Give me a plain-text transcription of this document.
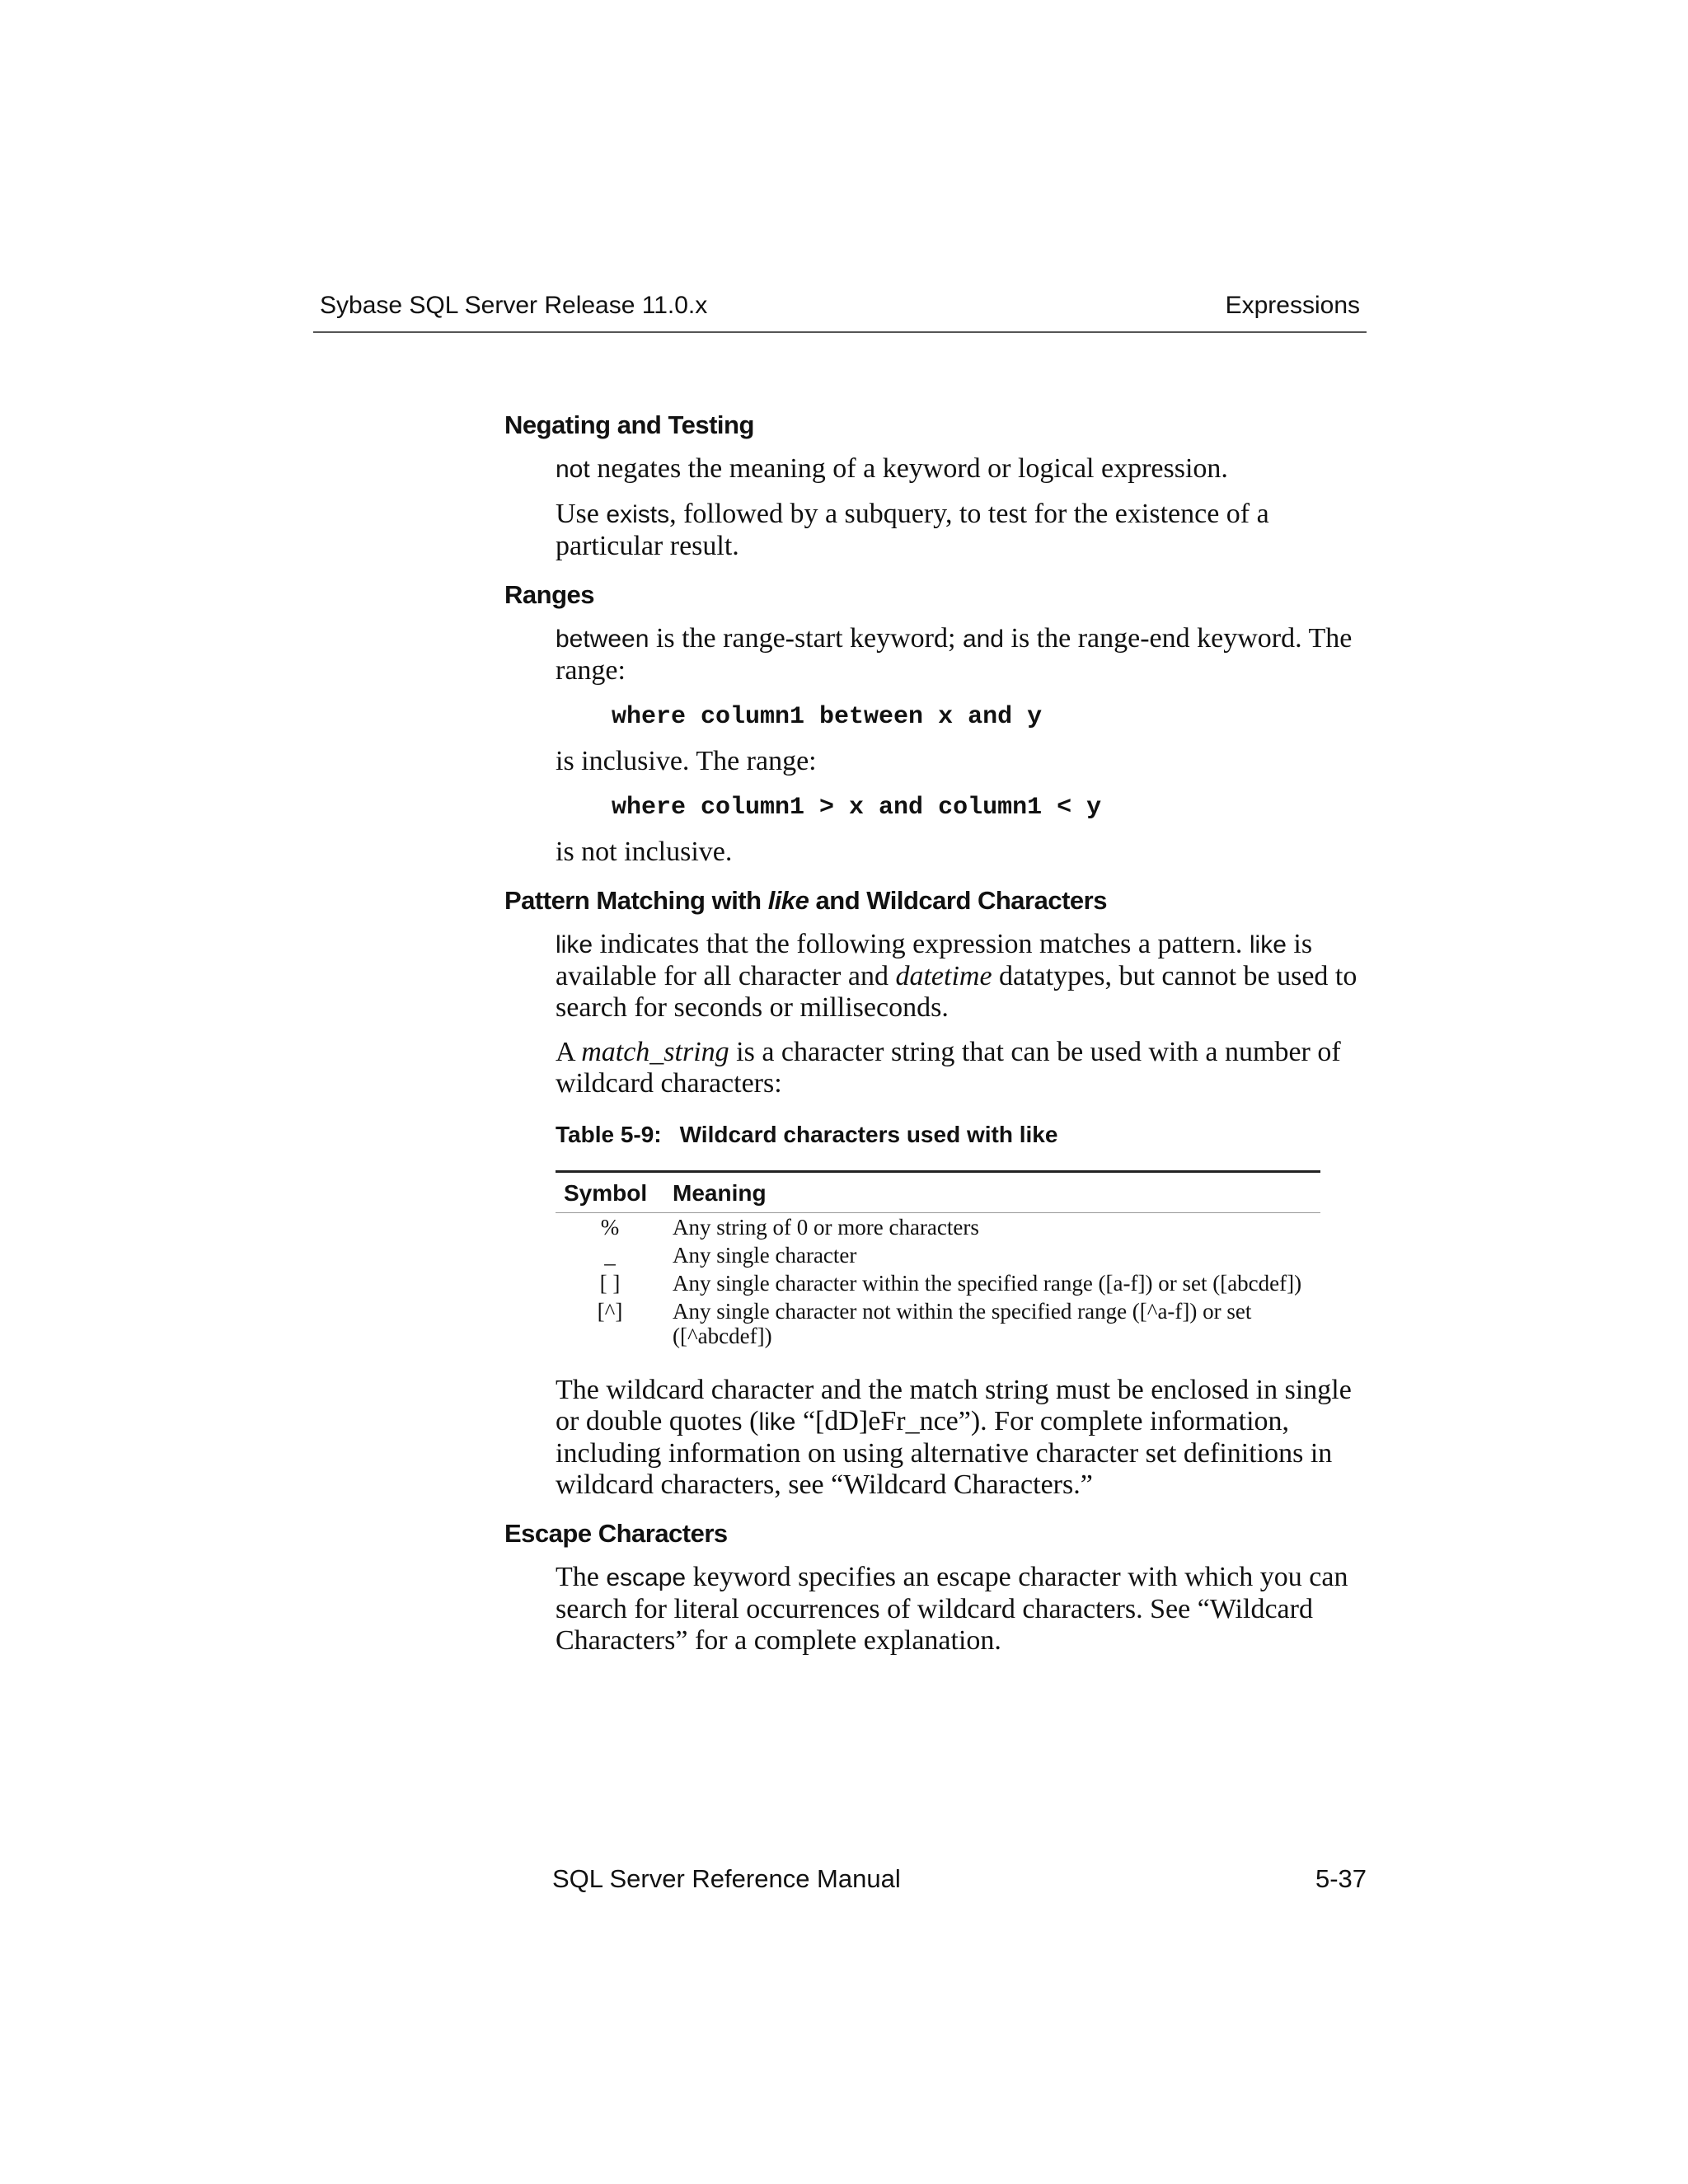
Sybase SQL Server Release 11.0.x	Expressions
Negating and Testing

not negates the meaning of a keyword or logical expression.

Use exists, followed by a subquery, to test for the existence of a particular result.

Ranges

between is the range-start keyword; and is the range-end keyword. The range:

where column1 between x and y

is inclusive. The range:

where column1 > x and column1 < y

is not inclusive.

Pattern Matching with like and Wildcard Characters

like indicates that the following expression matches a pattern. like is available for all character and datetime datatypes, but cannot be used to search for seconds or milliseconds.

A match_string is a character string that can be used with a number of wildcard characters:

Table 5-9: Wildcard characters used with like
Symbol	Meaning
%	Any string of 0 or more characters
_	Any single character
[ ]	Any single character within the specified range ([a-f]) or set ([abcdef])
[^]	Any single character not within the specified range ([^a-f]) or set ([^abcdef])

The wildcard character and the match string must be enclosed in single or double quotes (like “[dD]eFr_nce”). For complete information, including information on using alternative character set definitions in wildcard characters, see “Wildcard Characters.”

Escape Characters

The escape keyword specifies an escape character with which you can search for literal occurrences of wildcard characters. See “Wildcard Characters” for a complete explanation.

SQL Server Reference Manual	5-37
